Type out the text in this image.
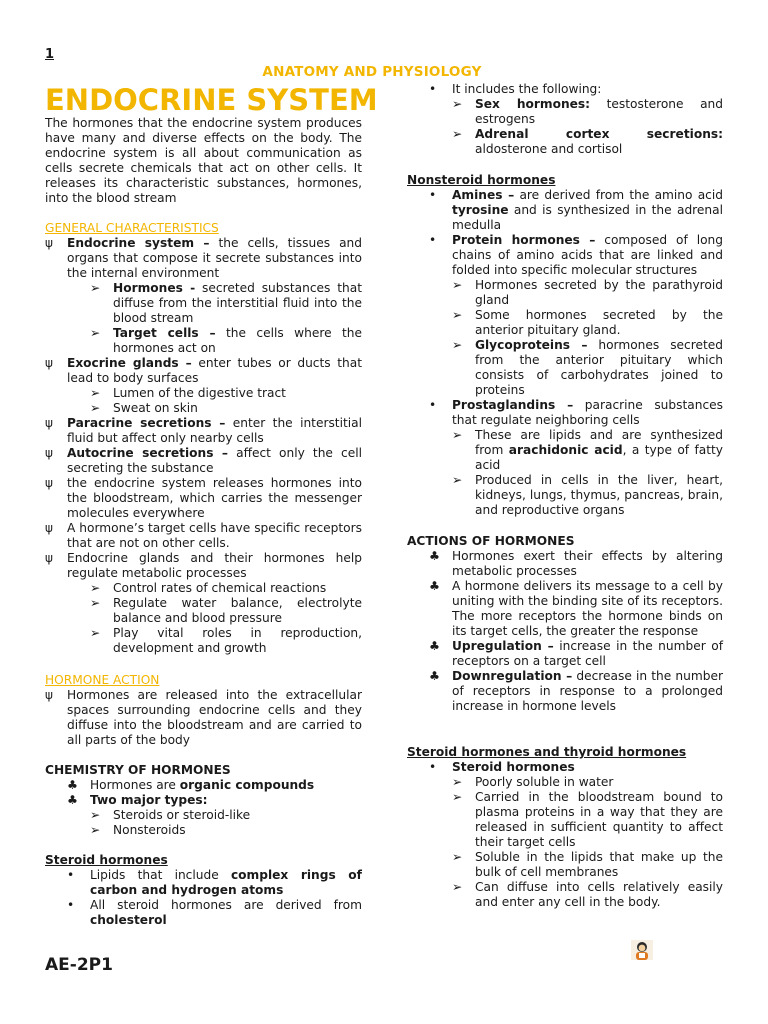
1
ANATOMY AND PHYSIOLOGY
ENDOCRINE SYSTEM
The hormones that the endocrine system produces have many and diverse effects on the body. The endocrine system is all about communication as cells secrete chemicals that act on other cells. It releases its characteristic substances, hormones, into the blood stream
GENERAL CHARACTERISTICS
ψ	Endocrine system – the cells, tissues and organs that compose it secrete substances into the internal environment
➢	Hormones - secreted substances that diffuse from the interstitial fluid into the blood stream
➢	Target cells – the cells where the hormones act on
ψ	Exocrine glands – enter tubes or ducts that lead to body surfaces
➢	Lumen of the digestive tract
➢	Sweat on skin
ψ	Paracrine secretions – enter the interstitial fluid but affect only nearby cells
ψ	Autocrine secretions – affect only the cell secreting the substance
ψ	the endocrine system releases hormones into the bloodstream, which carries the messenger molecules everywhere
ψ	A hormone’s target cells have specific receptors that are not on other cells.
ψ	Endocrine glands and their hormones help regulate metabolic processes
➢	Control rates of chemical reactions
➢	Regulate water balance, electrolyte balance and blood pressure
➢	Play vital roles in reproduction, development and growth
HORMONE ACTION
ψ	Hormones are released into the extracellular spaces surrounding endocrine cells and they diffuse into the bloodstream and are carried to all parts of the body
CHEMISTRY OF HORMONES
♣ Hormones are organic compounds
♣ Two major types:
➢	Steroids or steroid-like
➢	Nonsteroids
Steroid hormones
•	Lipids that include complex rings of carbon and hydrogen atoms
•	All steroid hormones are derived from cholesterol
•	It includes the following:
➢	Sex hormones: testosterone and estrogens
➢	Adrenal cortex secretions:
aldosterone and cortisol
Nonsteroid hormones
•	Amines – are derived from the amino acid tyrosine and is synthesized in the adrenal medulla
•	Protein hormones – composed of long chains of amino acids that are linked and folded into specific molecular structures
➢	Hormones secreted by the parathyroid gland
➢	Some hormones secreted by the anterior pituitary gland.
➢	Glycoproteins – hormones secreted from the anterior pituitary which consists of carbohydrates joined to proteins
•	Prostaglandins – paracrine substances that regulate neighboring cells
➢	These are lipids and are synthesized from arachidonic acid, a type of fatty acid
➢	Produced in cells in the liver, heart, kidneys, lungs, thymus, pancreas, brain, and reproductive organs
ACTIONS OF HORMONES
♣ Hormones exert their effects by altering metabolic processes
♣ A hormone delivers its message to a cell by uniting with the binding site of its receptors. The more receptors the hormone binds on its target cells, the greater the response
♣ Upregulation – increase in the number of receptors on a target cell
♣ Downregulation – decrease in the number of receptors in response to a prolonged increase in hormone levels
Steroid hormones and thyroid hormones
•	Steroid hormones
➢	Poorly soluble in water
➢	Carried in the bloodstream bound to plasma proteins in a way that they are released in sufficient quantity to affect their target cells
➢	Soluble in the lipids that make up the bulk of cell membranes
➢	Can diffuse into cells relatively easily and enter any cell in the body.
AE-2P1
